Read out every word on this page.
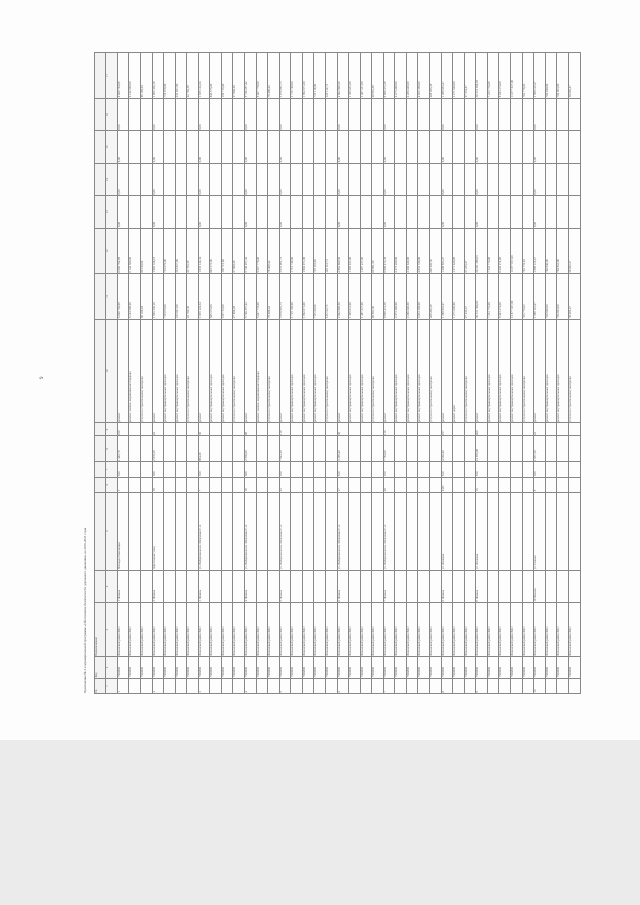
9
Приложение № 2 к муниципальной программе «Обеспечение безопасности дорожного движения» на 2016-2021 годы																
№	Код	Наименование														
1	2	3	4	5	6	7	8	9	10	11	12	13	14	15	16	17
1	7506800	Ленинский район ВАО	1 Ленина	Площадь Революции	1	810	1 445,70	100	ремонт	6 069 794,99	6 069 794,99	0,00	0,00	0,00	0,00	6 069 794,99
	7506800	Ленинский район ВАО							ремонт, замена, выравнивание бордюра	6 144 500,00	6 144 500,00					6 144 500,00
	7506800	Ленинский район ВАО							услуги по строительному контролю	89 198,94	89 198,94					89 198,94
2	7506800	Ленинский район ВАО	2 Ленина	пересечение улиц	38	830	2 878,39	42	ремонт	1 965 336,19	1 965 336,19	0,00	0,00	0,00	0,00	1 965 336,19
	7506800	Ленинский район ВАО							ремонт внутриквартальных проездов	719 079,00	719 079,00					719 079,00
	7506800	Ленинский район ВАО							ремонт внутриквартальных проездов	233 827,00	233 827,00					233 827,00
	7506800	Ленинский район ВАО							услуги по строительному контролю	22 765,39	22 765,39					22 765,39
3	7506800	Ленинский район ВАО	3 Ленина	ул. Набережная им. Шевченко С.А.	7	810	904,20	30	ремонт	1 035 124,34	1 035 124,34	0,00	0,00	0,00	0,00	1 035 124,34
	7506800	Ленинский район ВАО							ремонт внутриквартальных проездов	845 575,00	845 575,00					845 575,00
	7506800	Ленинский район ВАО							ремонт внутриквартальных проездов	159 715,00	159 715,00					159 715,00
	7506800	Ленинский район ВАО							услуги по строительному контролю	27 868,28	27 868,28					27 868,28
4	7506800	Ленинский район ВАО	4 Ленина	ул. Набережная им. Шевченко С.А.	10	820	2 530,60	98	ремонт	5 746 257,42	5 746 257,42	0,00	0,00	0,00	0,00	5 746 257,42
	7506800	Ленинский район ВАО							ремонт, замена, выравнивание бордюра	5 667 778,00	5 667 778,00					5 667 778,00
	7506800	Ленинский район ВАО							услуги по строительному контролю	78 409,42	78 409,42					78 409,42
5	7506800	Ленинский район ВАО	5 Ленина	ул. Набережная им. Шевченко С.А.	43	810	7 842,20	119	ремонт	3 076 991,73	3 076 991,73	0,00	0,00	0,00	0,00	3 076 991,73
	7506800	Ленинский район ВАО							ремонт внутриквартальных проездов	1 715 749,00	1 715 749,00					1 715 749,00
	7506800	Ленинский район ВАО							ремонт внутриквартальных проездов	1 902 071,00	1 902 071,00					1 902 071,00
	7506800	Ленинский район ВАО							ремонт внутриквартальных проездов	719 119,00	719 119,00					719 119,00
	7506800	Ленинский район ВАО							услуги по строительному контролю	125 112,73	125 112,73					125 112,73
6	7506800	Ленинский район ВАО	6 Ленина	ул. Набережная им. Шевченко С.А.	17	810	3 395,40	30	ремонт	2 862 869,50	2 862 869,50	0,00	0,00	0,00	0,00	2 862 869,50
	7506800	Ленинский район ВАО							ремонт внутриквартальных проездов	1 305 631,00	1 305 631,00					1 305 631,00
	7506800	Ленинский район ВАО							ремонт внутриквартальных проездов	1 487 237,00	1 487 237,00					1 487 237,00
	7506800	Ленинский район ВАО							услуги по строительному контролю	69 981,50	69 981,50					69 981,50
7	7506800	Ленинский район ВАО	7 Ленина	ул. Набережная им. Шевченко С.А.	48	810	7 783,00	116	ремонт	9 909 472,39	9 909 472,39	0,00	0,00	0,00	0,00	9 909 472,39
	7506800	Ленинский район ВАО							ремонт внутриквартальных проездов	2 473 269,00	2 473 269,00					2 473 269,00
	7506800	Ленинский район ВАО							ремонт внутриквартальных проездов	2 206 640,00	2 206 640,00					2 206 640,00
	7506800	Ленинский район ВАО							ремонт внутриквартальных проездов	4 833 358,00	4 833 358,00					4 833 358,00
	7506800	Ленинский район ВАО							услуги по строительному контролю	269 205,39	269 205,39					269 205,39
8	7506800	Ленинский район ВАО	8 Ленина	ул. Ломовая	2351	810	4 502,40	197	ремонт	1 298 853,47	1 298 853,47	0,00	0,00	0,00	0,00	1 298 853,47
	7506800	Ленинский район ВАО							ремонт дорог	1 271 620,00	1 271 620,00					1 271 620,00
	7506800	Ленинский район ВАО							услуги по строительному контролю	27 233,47	27 233,47					27 233,47
9	7506800	Ленинский район ВАО	9 Ленина	ул. Ломовая	15	810	12 953,80	468	ремонт	30 331 386,03	30 331 386,03	0,00	0,00	0,00	0,00	30 331 386,03
	7506800	Ленинский район ВАО							ремонт внутриквартальных проездов	7 233 776,00	7 233 776,00					7 233 776,00
	7506800	Ленинский район ВАО							ремонт внутриквартальных проездов	9 443 274,00	9 443 274,00					9 443 274,00
	7506800	Ленинский район ВАО							ремонт внутриквартальных проездов	13 877 037,00	13 877 037,00					13 877 037,00
	7506800	Ленинский район ВАО							услуги по строительному контролю	763 776,03	763 776,03					763 776,03
10	7506800	Ленинский район ВАО	10 Ленина	ул. Сенная	5	830	1 857,30	22	ремонт	1 590 115,47	1 590 115,47	0,00	0,00	0,00	0,00	1 590 115,47
	7506800	Ленинский район ВАО							ремонт внутриквартальных проездов	766 940,00	766 940,00					766 940,00
	7506800	Ленинский район ВАО							ремонт внутриквартальных проездов	784 963,00	784 963,00					784 963,00
	7506800	Ленинский район ВАО							услуги по строительному контролю	38 692,47	38 692,47					38 692,47
